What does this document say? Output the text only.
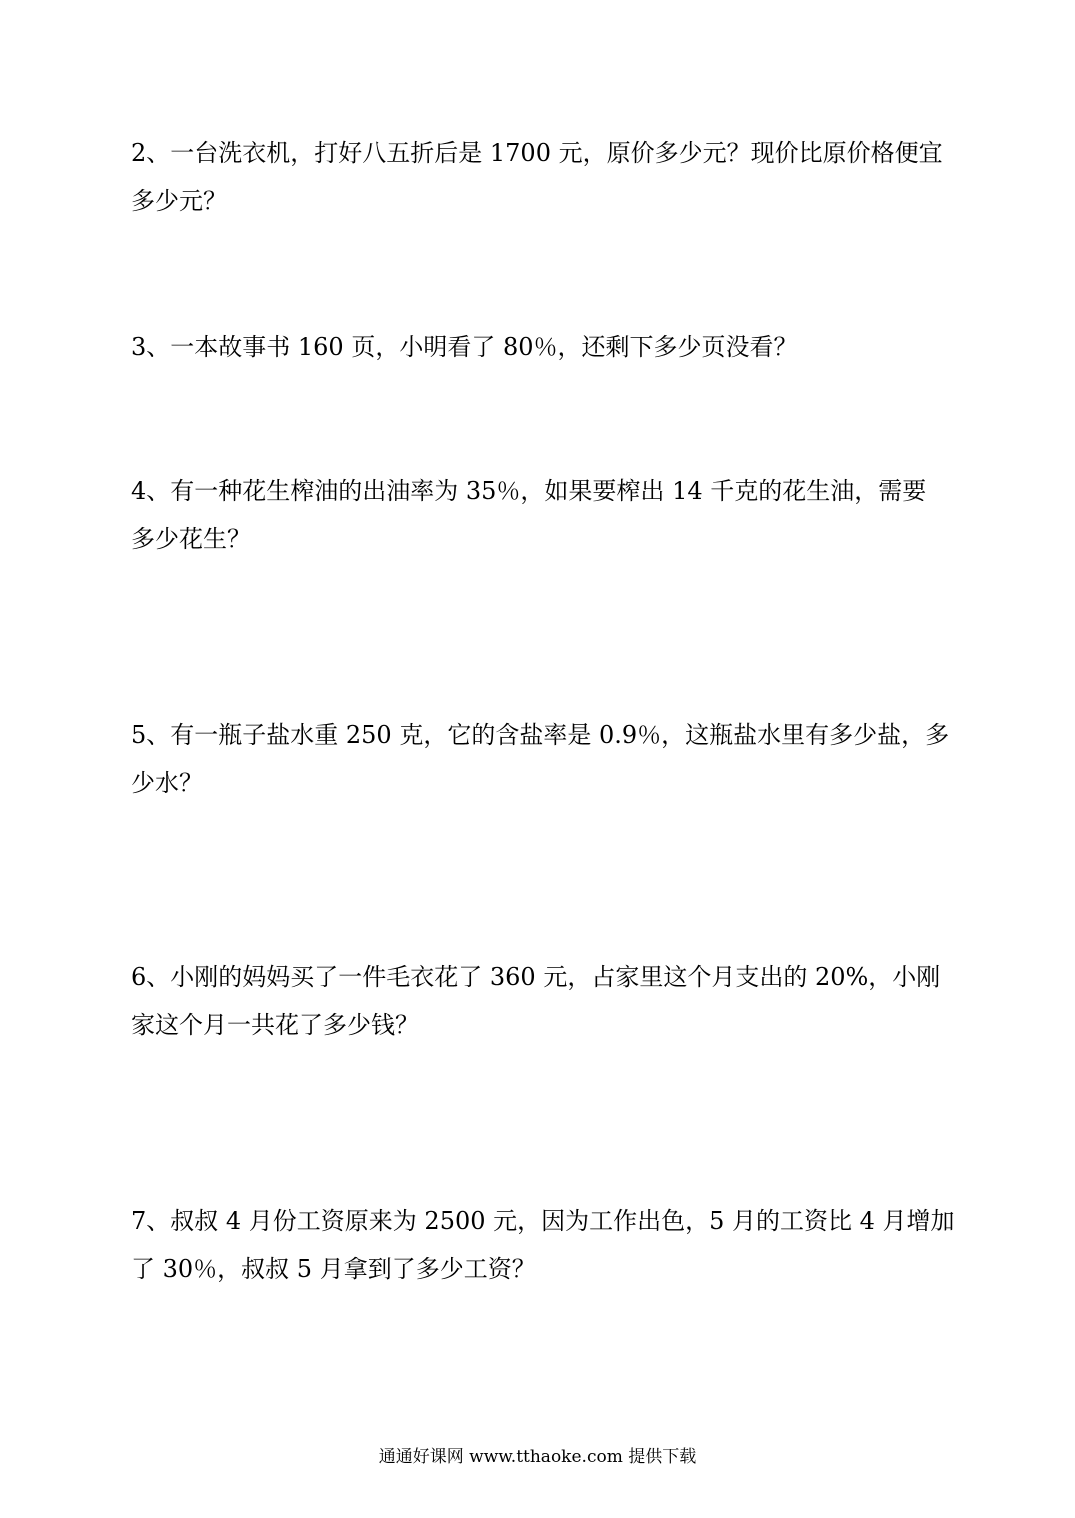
2、一台洗衣机，打好八五折后是 1700 元，原价多少元？现价比原价格便宜
多少元？
3、一本故事书 160 页，小明看了 80％，还剩下多少页没看？
4、有一种花生榨油的出油率为 35％，如果要榨出 14 千克的花生油，需要
多少花生？
5、有一瓶子盐水重 250 克，它的含盐率是 0.9％，这瓶盐水里有多少盐，多
少水？
6、小刚的妈妈买了一件毛衣花了 360 元，占家里这个月支出的 20%，小刚
家这个月一共花了多少钱？
7、叔叔 4 月份工资原来为 2500 元，因为工作出色，5 月的工资比 4 月增加
了 30％，叔叔 5 月拿到了多少工资？
通通好课网 www.tthaoke.com 提供下载
